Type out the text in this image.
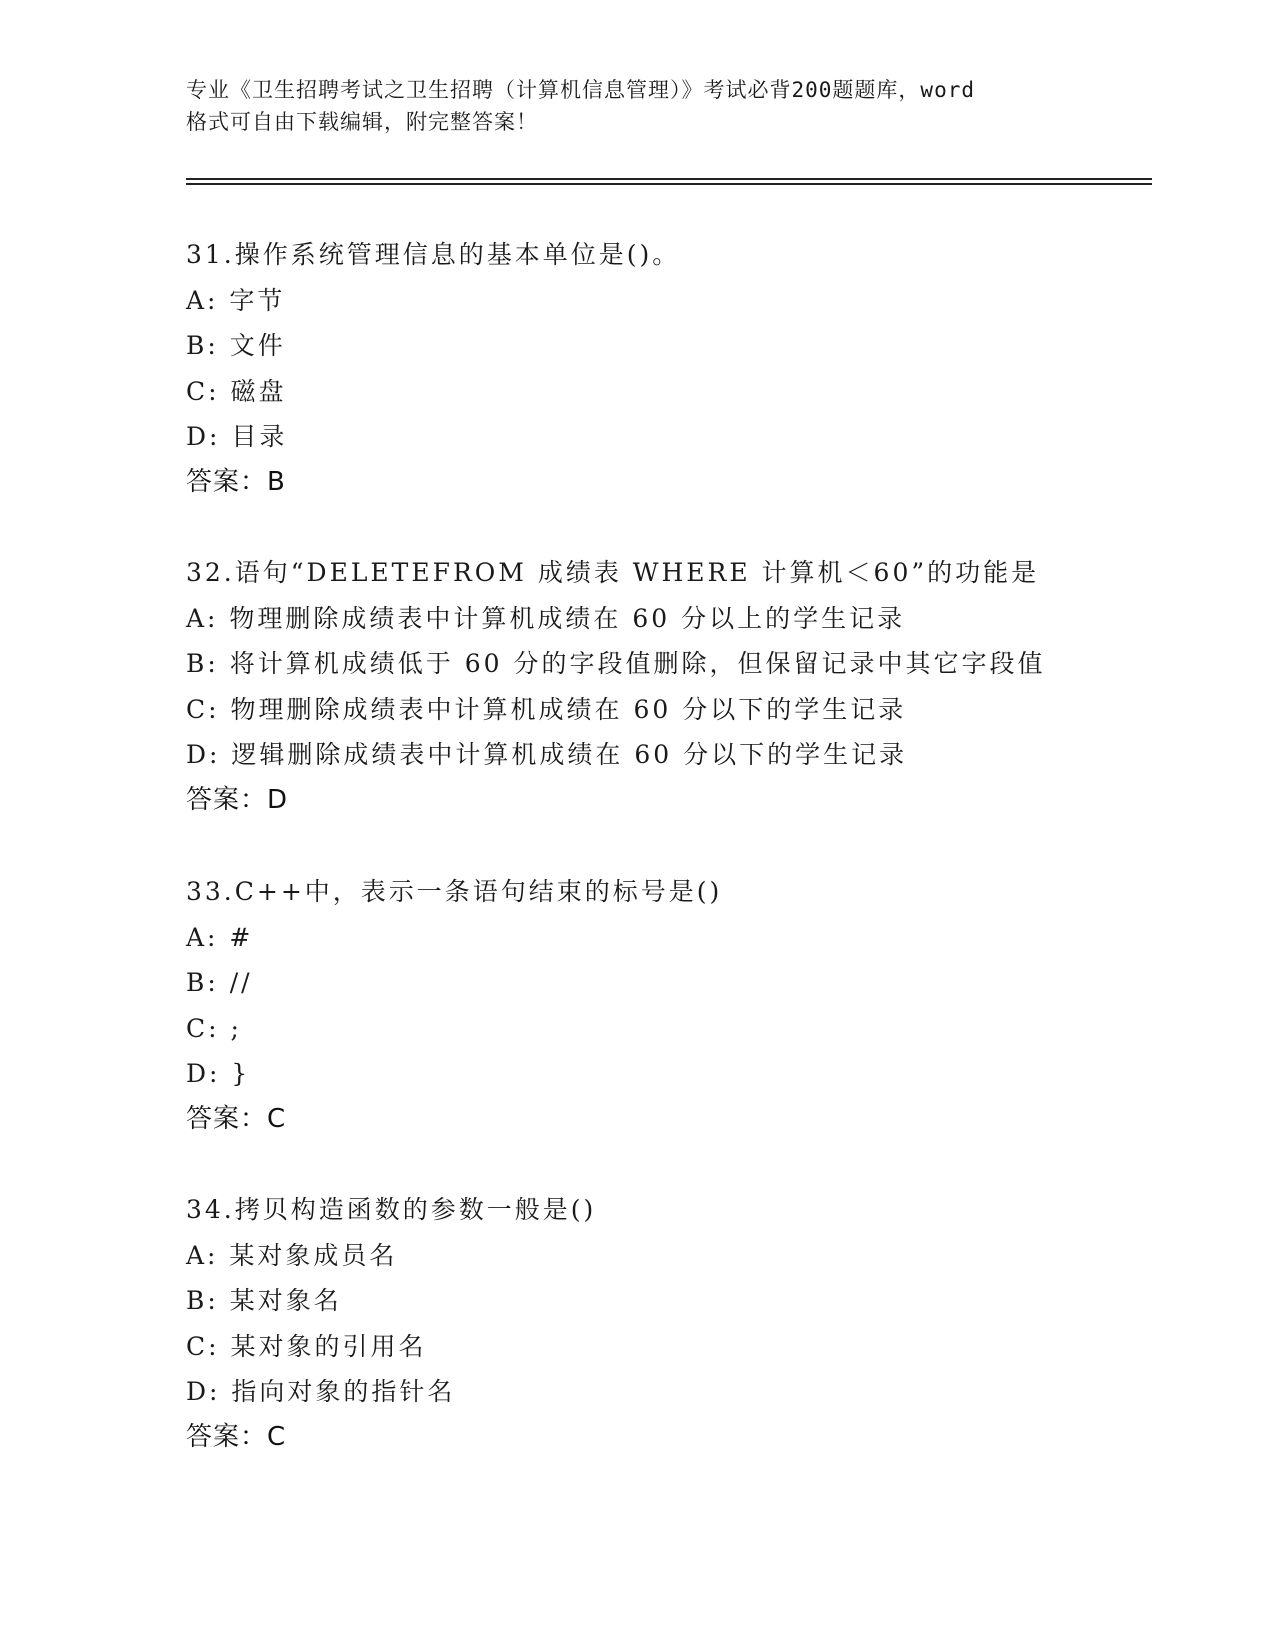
专业《卫生招聘考试之卫生招聘（计算机信息管理）》考试必背200题题库，word
格式可自由下载编辑，附完整答案！
31.操作系统管理信息的基本单位是()。
A: 字节
B: 文件
C: 磁盘
D: 目录
答案：B
32.语句“DELETEFROM 成绩表 WHERE 计算机＜60”的功能是
A: 物理删除成绩表中计算机成绩在 60 分以上的学生记录
B: 将计算机成绩低于 60 分的字段值删除，但保留记录中其它字段值
C: 物理删除成绩表中计算机成绩在 60 分以下的学生记录
D: 逻辑删除成绩表中计算机成绩在 60 分以下的学生记录
答案：D
33.C++中，表示一条语句结束的标号是()
A: #
B: //
C: ;
D: }
答案：C
34.拷贝构造函数的参数一般是()
A: 某对象成员名
B: 某对象名
C: 某对象的引用名
D: 指向对象的指针名
答案：C
